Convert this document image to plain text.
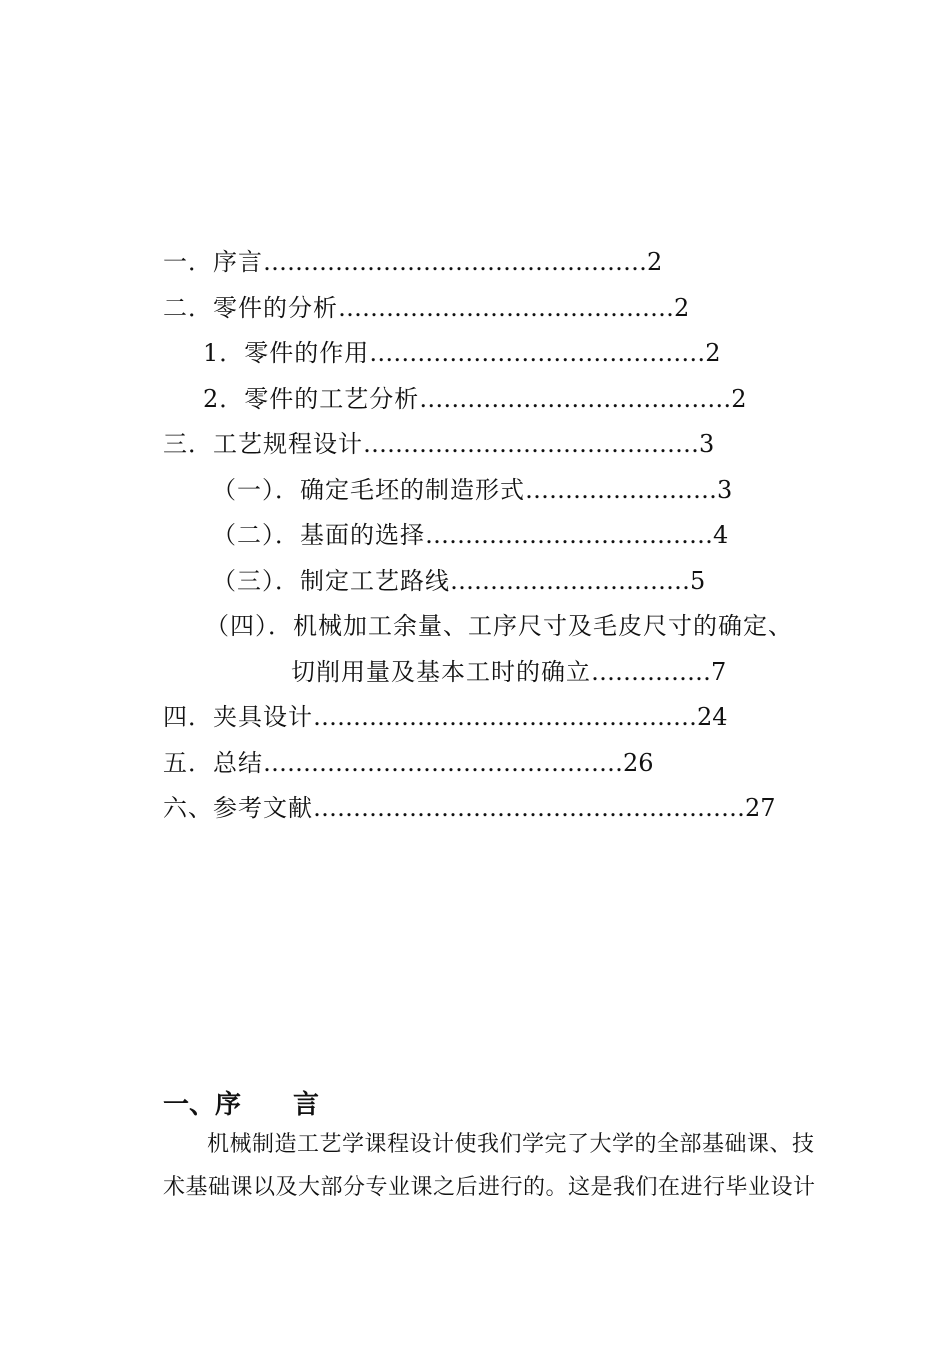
一．序言…………………………………………2
二．零件的分析……………………………………2
1．零件的作用……………………………………2
2．零件的工艺分析…………………………………2
三．工艺规程设计……………………………………3
（一）．确定毛坯的制造形式……………………3
（二）．基面的选择………………………………4
（三）．制定工艺路线…………………………5
（四）．机械加工余量、工序尺寸及毛皮尺寸的确定、
切削用量及基本工时的确立……………7
四．夹具设计…………………………………………24
五．总结………………………………………26
六、参考文献………………………………………………27
一、序　　言
机械制造工艺学课程设计使我们学完了大学的全部基础课、技
术基础课以及大部分专业课之后进行的。这是我们在进行毕业设计
